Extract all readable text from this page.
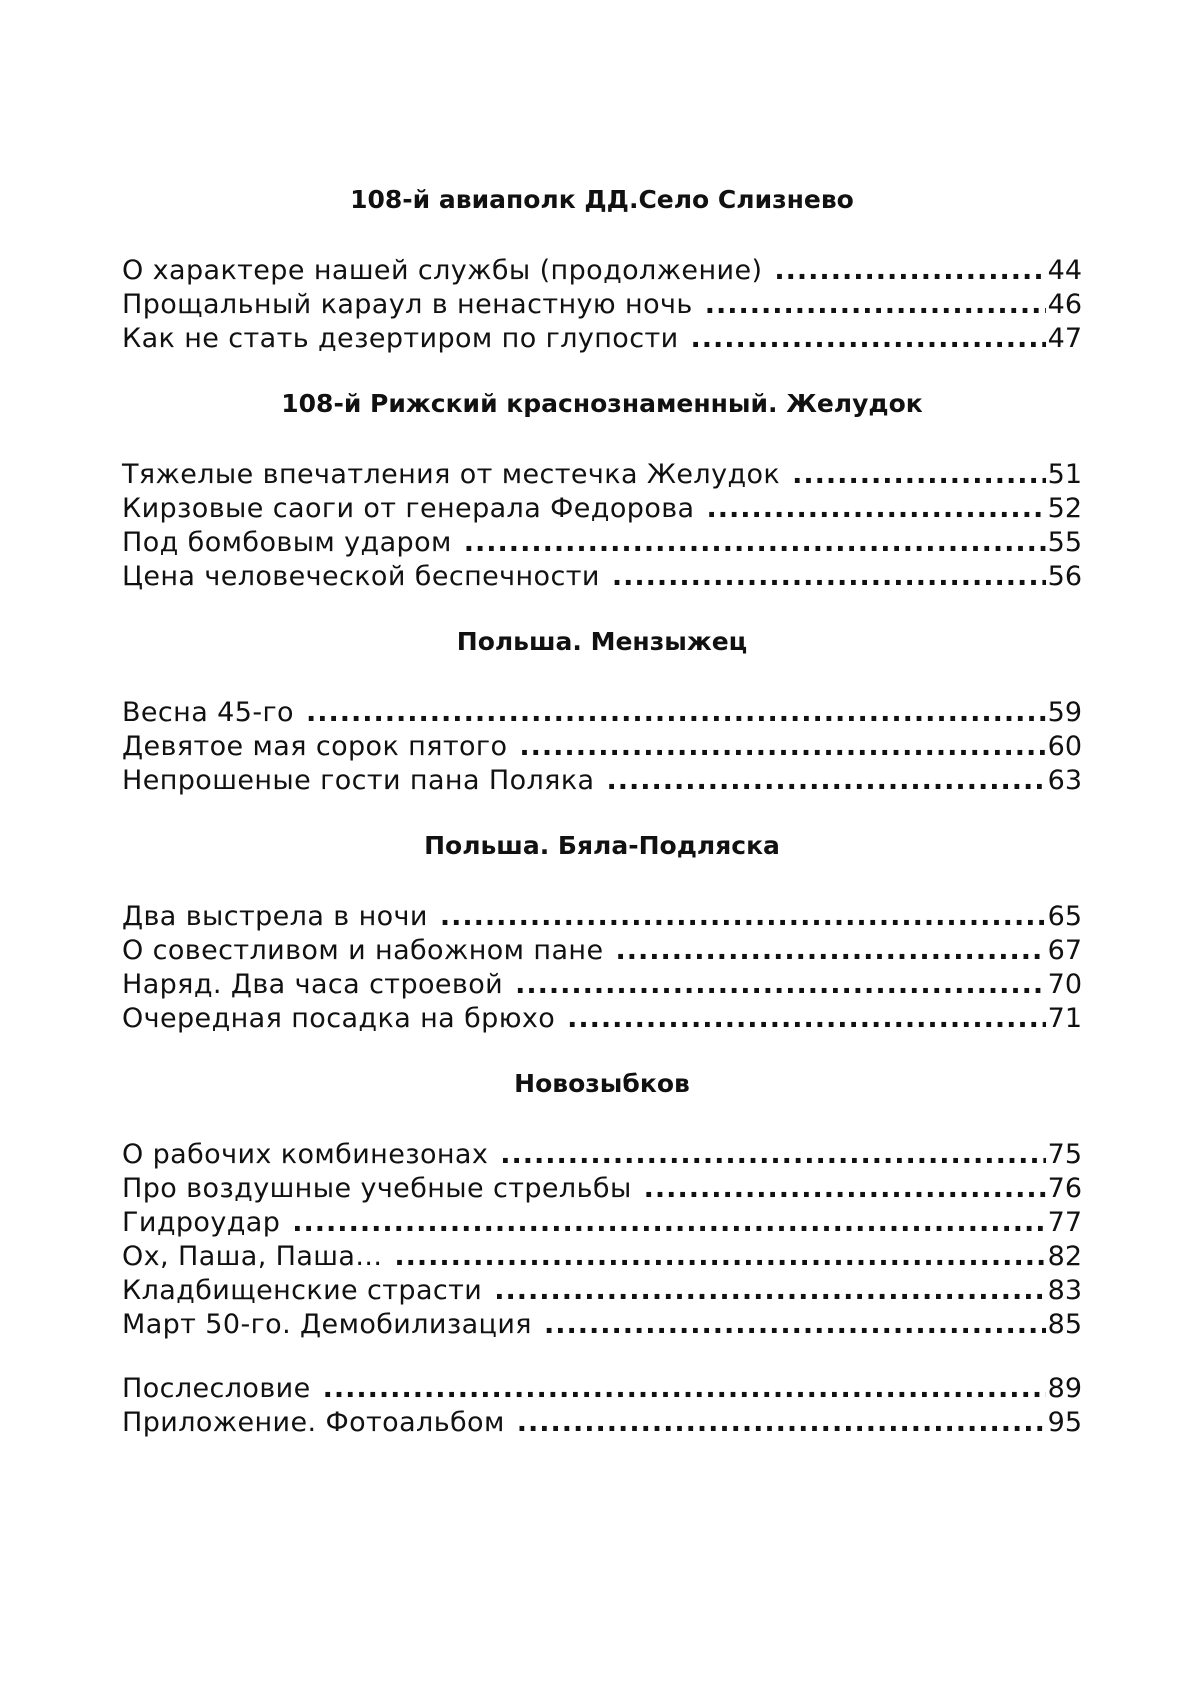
108-й авиаполк ДД.Село Слизнево
О характере нашей службы (продолжение) .....	44
Прощальный караул в ненастную ночь .....	46
Как не стать дезертиром по глупости .....	47
108-й Рижский краснознаменный. Желудок
Тяжелые впечатления от местечка Желудок .....	51
Кирзовые саоги от генерала Федорова .....	52
Под бомбовым ударом .....	55
Цена человеческой беспечности .....	56
Польша. Мензыжец
Весна 45-го .....	59
Девятое мая сорок пятого .....	60
Непрошеные гости пана Поляка .....	63
Польша. Бяла-Подляска
Два выстрела в ночи .....	65
О совестливом и набожном пане .....	67
Наряд. Два часа строевой .....	70
Очередная посадка на брюхо .....	71
Новозыбков
О рабочих комбинезонах .....	75
Про воздушные учебные стрельбы .....	76
Гидроудар .....	77
Ох, Паша, Паша... .....	82
Кладбищенские страсти .....	83
Март 50-го. Демобилизация .....	85
Послесловие .....	89
Приложение. Фотоальбом .....	95
